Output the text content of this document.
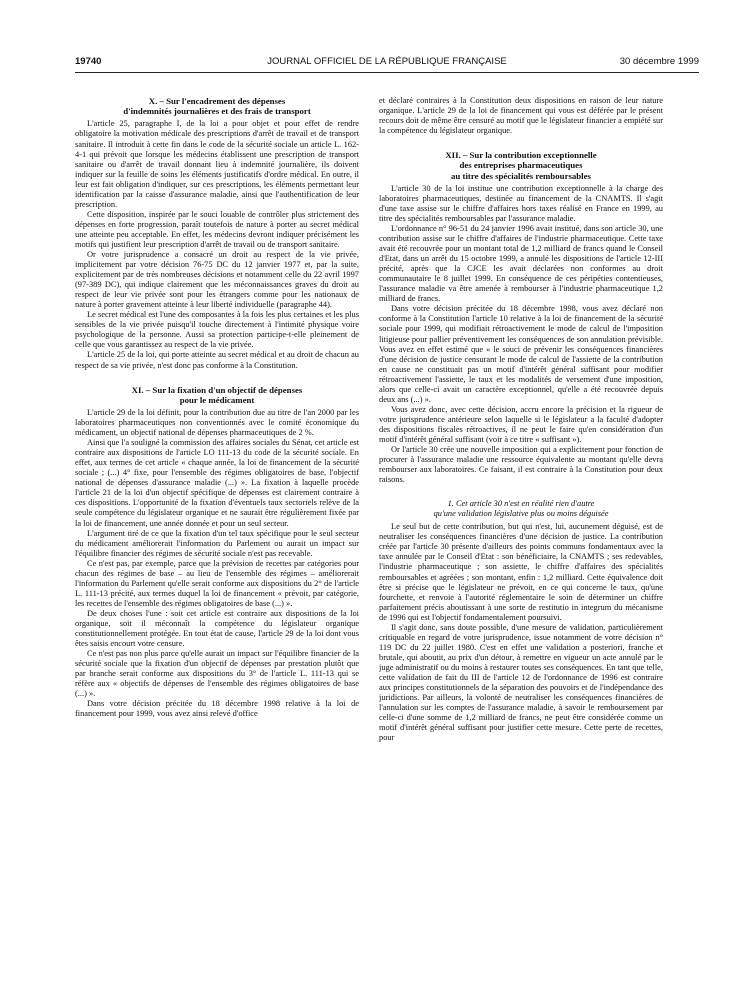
19740	JOURNAL OFFICIEL DE LA RÉPUBLIQUE FRANÇAISE	30 décembre 1999
X. – Sur l'encadrement des dépenses
d'indemnités journalières et des frais de transport

L'article 25, paragraphe I, de la loi a pour objet et pour effet de rendre obligatoire la motivation médicale des prescriptions d'arrêt de travail et de transport sanitaire. Il introduit à cette fin dans le code de la sécurité sociale un article L. 162-4-1 qui prévoit que lorsque les médecins établissent une prescription de transport sanitaire ou d'arrêt de travail donnant lieu à indemnité journalière, ils doivent indiquer sur la feuille de soins les éléments justificatifs d'ordre médical. En outre, il leur est fait obligation d'indiquer, sur ces prescriptions, les éléments permettant leur identification par la caisse d'assurance maladie, ainsi que l'authentification de leur prescription.

Cette disposition, inspirée par le souci louable de contrôler plus strictement des dépenses en forte progression, paraît toutefois de nature à porter au secret médical une atteinte peu acceptable. En effet, les médecins devront indiquer précisément les motifs qui justifient leur prescription d'arrêt de travail ou de transport sanitaire.

Or votre jurisprudence a consacré un droit au respect de la vie privée, implicitement par votre décision 76-75 DC du 12 janvier 1977 et, par la suite, explicitement par de très nombreuses décisions et notamment celle du 22 avril 1997 (97-389 DC), qui indique clairement que les méconnaissances graves du droit au respect de leur vie privée sont pour les étrangers comme pour les nationaux de nature à porter gravement atteinte à leur liberté individuelle (paragraphe 44).

Le secret médical est l'une des composantes à la fois les plus certaines et les plus sensibles de la vie privée puisqu'il touche directement à l'intimité physique voire psychologique de la personne. Aussi sa protection participe-t-elle pleinement de celle que vous garantissez au respect de la vie privée.

L'article 25 de la loi, qui porte atteinte au secret médical et au droit de chacun au respect de sa vie privée, n'est donc pas conforme à la Constitution.

XI. – Sur la fixation d'un objectif de dépenses
pour le médicament

L'article 29 de la loi définit, pour la contribution due au titre de l'an 2000 par les laboratoires pharmaceutiques non conventionnés avec le comité économique du médicament, un objectif national de dépenses pharmaceutiques de 2 %.

Ainsi que l'a souligné la commission des affaires sociales du Sénat, cet article est contraire aux dispositions de l'article LO 111-13 du code de la sécurité sociale. En effet, aux termes de cet article « chaque année, la loi de financement de la sécurité sociale ; (...) 4° fixe, pour l'ensemble des régimes obligatoires de base, l'objectif national de dépenses d'assurance maladie (...) ». La fixation à laquelle procède l'article 21 de la loi d'un objectif spécifique de dépenses est clairement contraire à ces dispositions. L'opportunité de la fixation d'éventuels taux sectoriels relève de la seule compétence du législateur organique et ne saurait être régulièrement fixée par la loi de financement, une année donnée et pour un seul secteur.

L'argument tiré de ce que la fixation d'un tel taux spécifique pour le seul secteur du médicament améliorerait l'information du Parlement ou aurait un impact sur l'équilibre financier des régimes de sécurité sociale n'est pas recevable.

Ce n'est pas, par exemple, parce que la prévision de recettes par catégories pour chacun des régimes de base – au lieu de l'ensemble des régimes – améliorerait l'information du Parlement qu'elle serait conforme aux dispositions du 2° de l'article L. 111-13 précité, aux termes duquel la loi de financement « prévoit, par catégorie, les recettes de l'ensemble des régimes obligatoires de base (...) ».

De deux choses l'une : soit cet article est contraire aux dispositions de la loi organique, soit il méconnaît la compétence du législateur organique constitutionnellement protégée. En tout état de cause, l'article 29 de la loi dont vous êtes saisis encourt votre censure.

Ce n'est pas non plus parce qu'elle aurait un impact sur l'équilibre financier de la sécurité sociale que la fixation d'un objectif de dépenses par prestation plutôt que par branche serait conforme aux dispositions du 3° de l'article L. 111-13 qui se réfère aux « objectifs de dépenses de l'ensemble des régimes obligatoires de base (...) ».

Dans votre décision précitée du 18 décembre 1998 relative à la loi de financement pour 1999, vous avez ainsi relevé d'office

et déclaré contraires à la Constitution deux dispositions en raison de leur nature organique. L'article 29 de la loi de financement qui vous est déférée par le présent recours doit de même être censuré au motif que le législateur financier a empiété sur la compétence du législateur organique.

XII. – Sur la contribution exceptionnelle
des entreprises pharmaceutiques
au titre des spécialités remboursables

L'article 30 de la loi institue une contribution exceptionnelle à la charge des laboratoires pharmaceutiques, destinée au financement de la CNAMTS. Il s'agit d'une taxe assise sur le chiffre d'affaires hors taxes réalisé en France en 1999, au titre des spécialités remboursables par l'assurance maladie.

L'ordonnance n° 96-51 du 24 janvier 1996 avait institué, dans son article 30, une contribution assise sur le chiffre d'affaires de l'industrie pharmaceutique. Cette taxe avait été recouvrée pour un montant total de 1,2 milliard de francs quand le Conseil d'Etat, dans un arrêt du 15 octobre 1999, a annulé les dispositions de l'article 12-III précité, après que la CJCE les avait déclarées non conformes au droit communautaire le 8 juillet 1999. En conséquence de ces péripéties contentieuses, l'assurance maladie va être amenée à rembourser à l'industrie pharmaceutique 1,2 milliard de francs.

Dans votre décision précitée du 18 décembre 1998, vous avez déclaré non conforme à la Constitution l'article 10 relative à la loi de financement de la sécurité sociale pour 1999, qui modifiait rétroactivement le mode de calcul de l'imposition litigieuse pour pallier préventivement les conséquences de son annulation prévisible. Vous avez en effet estimé que « le souci de prévenir les conséquences financières d'une décision de justice censurant le mode de calcul de l'assiette de la contribution en cause ne constituait pas un motif d'intérêt général suffisant pour modifier rétroactivement l'assiette, le taux et les modalités de versement d'une imposition, alors que celle-ci avait un caractère exceptionnel, qu'elle a été recouvrée depuis deux ans (...) ».

Vous avez donc, avec cette décision, accru encore la précision et la rigueur de votre jurisprudence antérieure selon laquelle si le législateur a la faculté d'adopter des dispositions fiscales rétroactives, il ne peut le faire qu'en considération d'un motif d'intérêt général suffisant (voir à ce titre « suffisant »).

Or l'article 30 crée une nouvelle imposition qui a explicitement pour fonction de procurer à l'assurance maladie une ressource équivalente au montant qu'elle devra rembourser aux laboratoires. Ce faisant, il est contraire à la Constitution pour deux raisons.

1. Cet article 30 n'est en réalité rien d'autre
qu'une validation législative plus ou moins déguisée

Le seul but de cette contribution, but qui n'est, lui, aucunement déguisé, est de neutraliser les conséquences financières d'une décision de justice. La contribution créée par l'article 30 présente d'ailleurs des points communs fondamentaux avec la taxe annulée par le Conseil d'Etat : son bénéficiaire, la CNAMTS ; ses redevables, l'industrie pharmaceutique ; son assiette, le chiffre d'affaires des spécialités remboursables et agréées ; son montant, enfin : 1,2 milliard. Cette équivalence doit être si précise que le législateur ne prévoit, en ce qui concerne le taux, qu'une fourchette, et renvoie à l'autorité réglementaire le soin de déterminer un chiffre parfaitement précis aboutissant à une sorte de restitutio in integrum du mécanisme de 1996 qui est l'objectif fondamentalement poursuivi.

Il s'agit donc, sans doute possible, d'une mesure de validation, particulièrement critiquable en regard de votre jurisprudence, issue notamment de votre décision n° 119 DC du 22 juillet 1980. C'est en effet une validation a posteriori, franche et brutale, qui aboutit, au prix d'un détour, à remettre en vigueur un acte annulé par le juge administratif ou du moins à restaurer toutes ses conséquences. En tant que telle, cette validation de fait du III de l'article 12 de l'ordonnance de 1996 est contraire aux principes constitutionnels de la séparation des pouvoirs et de l'indépendance des juridictions. Par ailleurs, la volonté de neutraliser les conséquences financières de l'annulation sur les comptes de l'assurance maladie, à savoir le remboursement par celle-ci d'une somme de 1,2 milliard de francs, ne peut être considérée comme un motif d'intérêt général suffisant pour justifier cette mesure. Cette perte de recettes, pour
